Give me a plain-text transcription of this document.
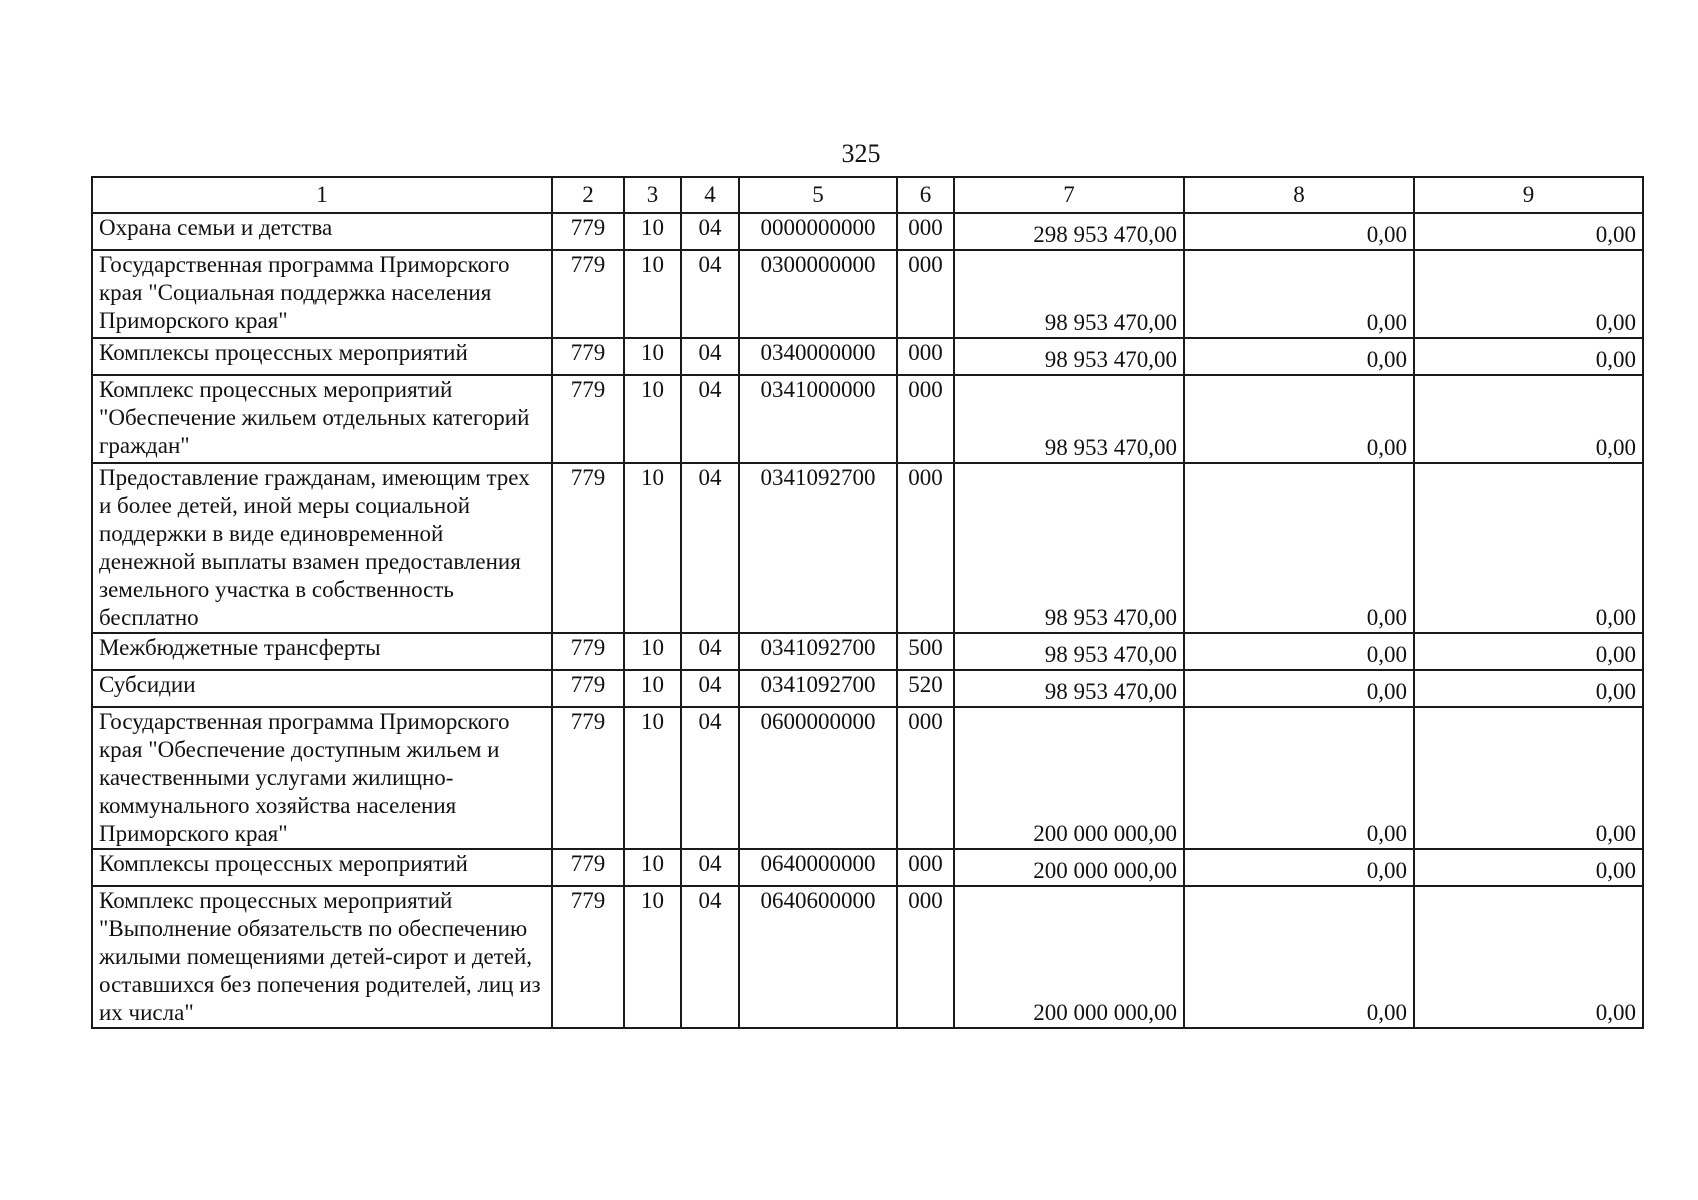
325
1	2	3	4	5	6	7	8	9
Охрана семьи и детства	779	10	04	0000000000	000	298 953 470,00	0,00	0,00
Государственная программа Приморского края "Социальная поддержка населения Приморского края"	779	10	04	0300000000	000	98 953 470,00	0,00	0,00
Комплексы процессных мероприятий	779	10	04	0340000000	000	98 953 470,00	0,00	0,00
Комплекс процессных мероприятий "Обеспечение жильем отдельных категорий граждан"	779	10	04	0341000000	000	98 953 470,00	0,00	0,00
Предоставление гражданам, имеющим трех и более детей, иной меры социальной поддержки в виде единовременной денежной выплаты взамен предоставления земельного участка в собственность бесплатно	779	10	04	0341092700	000	98 953 470,00	0,00	0,00
Межбюджетные трансферты	779	10	04	0341092700	500	98 953 470,00	0,00	0,00
Субсидии	779	10	04	0341092700	520	98 953 470,00	0,00	0,00
Государственная программа Приморского края "Обеспечение доступным жильем и качественными услугами жилищно-коммунального хозяйства населения Приморского края"	779	10	04	0600000000	000	200 000 000,00	0,00	0,00
Комплексы процессных мероприятий	779	10	04	0640000000	000	200 000 000,00	0,00	0,00
Комплекс процессных мероприятий "Выполнение обязательств по обеспечению жилыми помещениями детей-сирот и детей, оставшихся без попечения родителей, лиц из их числа"	779	10	04	0640600000	000	200 000 000,00	0,00	0,00
